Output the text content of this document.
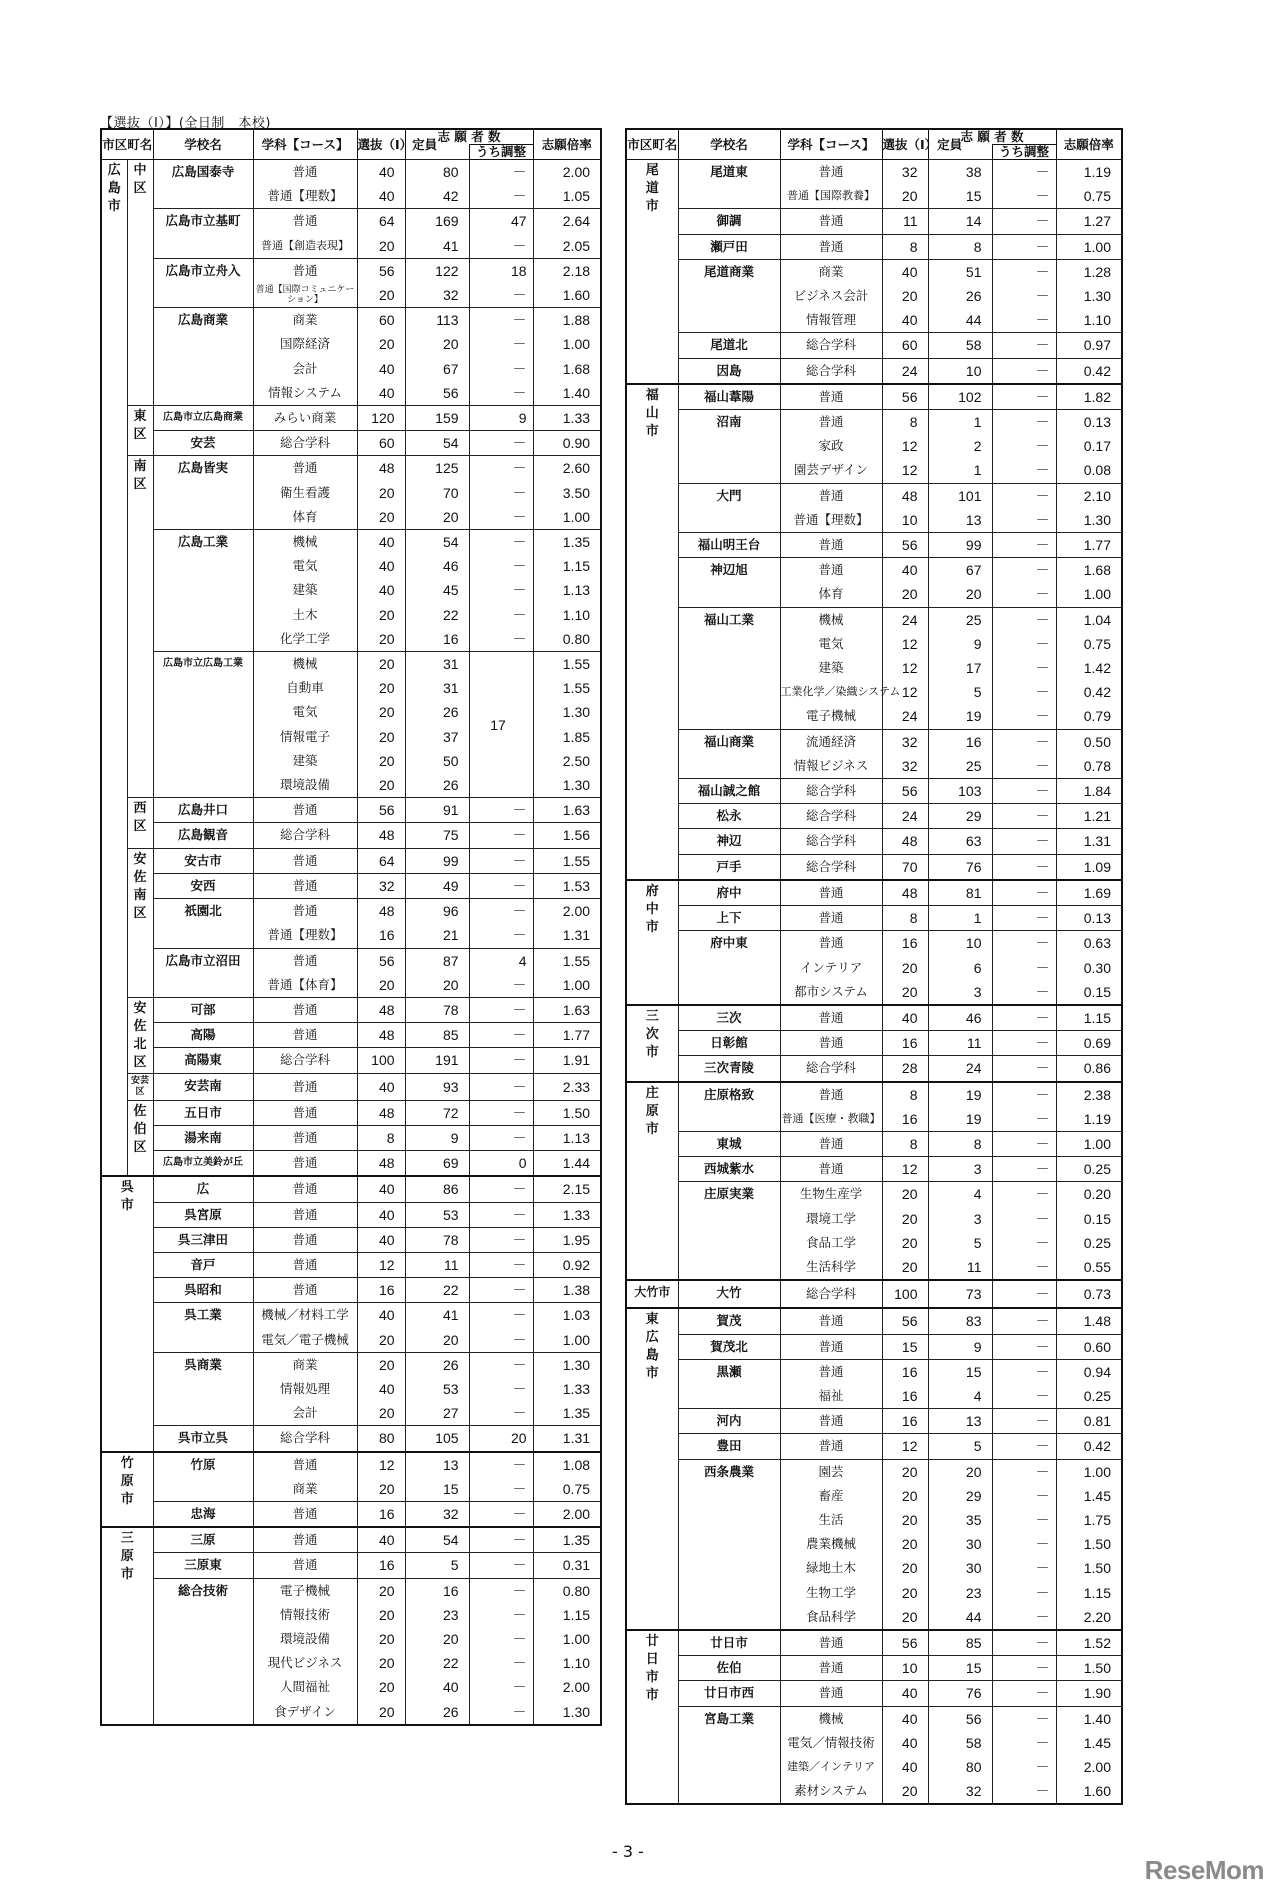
【選抜（Ⅰ）】(全日制　本校)
市区町名		学校名	学科【コース】	選抜（Ⅰ）定員	志 願 者 数		志願倍率
						うち調整	

広
島
市	中
区	広島国泰寺	普通	40	80	－	2.00
			普通【理数】	40	42	－	1.05
		広島市立基町	普通	64	169	47	2.64
			普通【創造表現】	20	41	－	2.05
		広島市立舟入	普通	56	122	18	2.18
			普通【国際コミュニケーション】	20	32	－	1.60
		広島商業	商業	60	113	－	1.88
			国際経済	20	20	－	1.00
			会計	40	67	－	1.68
			情報システム	40	56	－	1.40

	東
区	広島市立広島商業	みらい商業	120	159	9	1.33
		安芸	総合学科	60	54	－	0.90

	南
区	広島皆実	普通	48	125	－	2.60
			衛生看護	20	70	－	3.50
			体育	20	20	－	1.00
		広島工業	機械	40	54	－	1.35
			電気	40	46	－	1.15
			建築	40	45	－	1.13
			土木	20	22	－	1.10
			化学工学	20	16	－	0.80
		広島市立広島工業	機械	20	31	17	1.55
			自動車	20	31		1.55
			電気	20	26		1.30
			情報電子	20	37		1.85
			建築	20	50		2.50
			環境設備	20	26		1.30

	西
区	広島井口	普通	56	91	－	1.63
		広島観音	総合学科	48	75	－	1.56

	安
佐
南
区	安古市	普通	64	99	－	1.55
		安西	普通	32	49	－	1.53
		祇園北	普通	48	96	－	2.00
			普通【理数】	16	21	－	1.31
		広島市立沼田	普通	56	87	4	1.55
			普通【体育】	20	20	－	1.00

	安
佐
北
区	可部	普通	48	78	－	1.63
		高陽	普通	48	85	－	1.77
		高陽東	総合学科	100	191	－	1.91
	安芸区	安芸南	普通	40	93	－	2.33

	佐
伯
区	五日市	普通	48	72	－	1.50
		湯来南	普通	8	9	－	1.13
		広島市立美鈴が丘	普通	48	69	0	1.44

呉
市		広	普通	40	86	－	2.15
		呉宮原	普通	40	53	－	1.33
		呉三津田	普通	40	78	－	1.95
		音戸	普通	12	11	－	0.92
		呉昭和	普通	16	22	－	1.38
		呉工業	機械／材料工学	40	41	－	1.03
			電気／電子機械	20	20	－	1.00
		呉商業	商業	20	26	－	1.30
			情報処理	40	53	－	1.33
			会計	20	27	－	1.35
		呉市立呉	総合学科	80	105	20	1.31

竹
原
市		竹原	普通	12	13	－	1.08
			商業	20	15	－	0.75
		忠海	普通	16	32	－	2.00

三
原
市		三原	普通	40	54	－	1.35
		三原東	普通	16	5	－	0.31
		総合技術	電子機械	20	16	－	0.80
			情報技術	20	23	－	1.15
			環境設備	20	20	－	1.00
			現代ビジネス	20	22	－	1.10
			人間福祉	20	40	－	2.00
			食デザイン	20	26	－	1.30
市区町名	学校名	学科【コース】	選抜（Ⅰ）定員	志 願 者 数		志願倍率
					うち調整	

尾
道
市	尾道東	普通	32	38	－	1.19
		普通【国際教養】	20	15	－	0.75
	御調	普通	11	14	－	1.27
	瀬戸田	普通	8	8	－	1.00
	尾道商業	商業	40	51	－	1.28
		ビジネス会計	20	26	－	1.30
		情報管理	40	44	－	1.10
	尾道北	総合学科	60	58	－	0.97
	因島	総合学科	24	10	－	0.42

福
山
市	福山葦陽	普通	56	102	－	1.82
	沼南	普通	8	1	－	0.13
		家政	12	2	－	0.17
		園芸デザイン	12	1	－	0.08
	大門	普通	48	101	－	2.10
		普通【理数】	10	13	－	1.30
	福山明王台	普通	56	99	－	1.77
	神辺旭	普通	40	67	－	1.68
		体育	20	20	－	1.00
	福山工業	機械	24	25	－	1.04
		電気	12	9	－	0.75
		建築	12	17	－	1.42
		工業化学／染織システム	12	5	－	0.42
		電子機械	24	19	－	0.79
	福山商業	流通経済	32	16	－	0.50
		情報ビジネス	32	25	－	0.78
	福山誠之館	総合学科	56	103	－	1.84
	松永	総合学科	24	29	－	1.21
	神辺	総合学科	48	63	－	1.31
	戸手	総合学科	70	76	－	1.09

府
中
市	府中	普通	48	81	－	1.69
	上下	普通	8	1	－	0.13
	府中東	普通	16	10	－	0.63
		インテリア	20	6	－	0.30
		都市システム	20	3	－	0.15

三
次
市	三次	普通	40	46	－	1.15
	日彰館	普通	16	11	－	0.69
	三次青陵	総合学科	28	24	－	0.86

庄
原
市	庄原格致	普通	8	19	－	2.38
		普通【医療・教職】	16	19	－	1.19
	東城	普通	8	8	－	1.00
	西城紫水	普通	12	3	－	0.25
	庄原実業	生物生産学	20	4	－	0.20
		環境工学	20	3	－	0.15
		食品工学	20	5	－	0.25
		生活科学	20	11	－	0.55
大竹市	大竹	総合学科	100	73	－	0.73

東
広
島
市	賀茂	普通	56	83	－	1.48
	賀茂北	普通	15	9	－	0.60
	黒瀬	普通	16	15	－	0.94
		福祉	16	4	－	0.25
	河内	普通	16	13	－	0.81
	豊田	普通	12	5	－	0.42
	西条農業	園芸	20	20	－	1.00
		畜産	20	29	－	1.45
		生活	20	35	－	1.75
		農業機械	20	30	－	1.50
		緑地土木	20	30	－	1.50
		生物工学	20	23	－	1.15
		食品科学	20	44	－	2.20

廿
日
市
市	廿日市	普通	56	85	－	1.52
	佐伯	普通	10	15	－	1.50
	廿日市西	普通	40	76	－	1.90
	宮島工業	機械	40	56	－	1.40
		電気／情報技術	40	58	－	1.45
		建築／インテリア	40	80	－	2.00
		素材システム	20	32	－	1.60
- 3 -
ReseMom
